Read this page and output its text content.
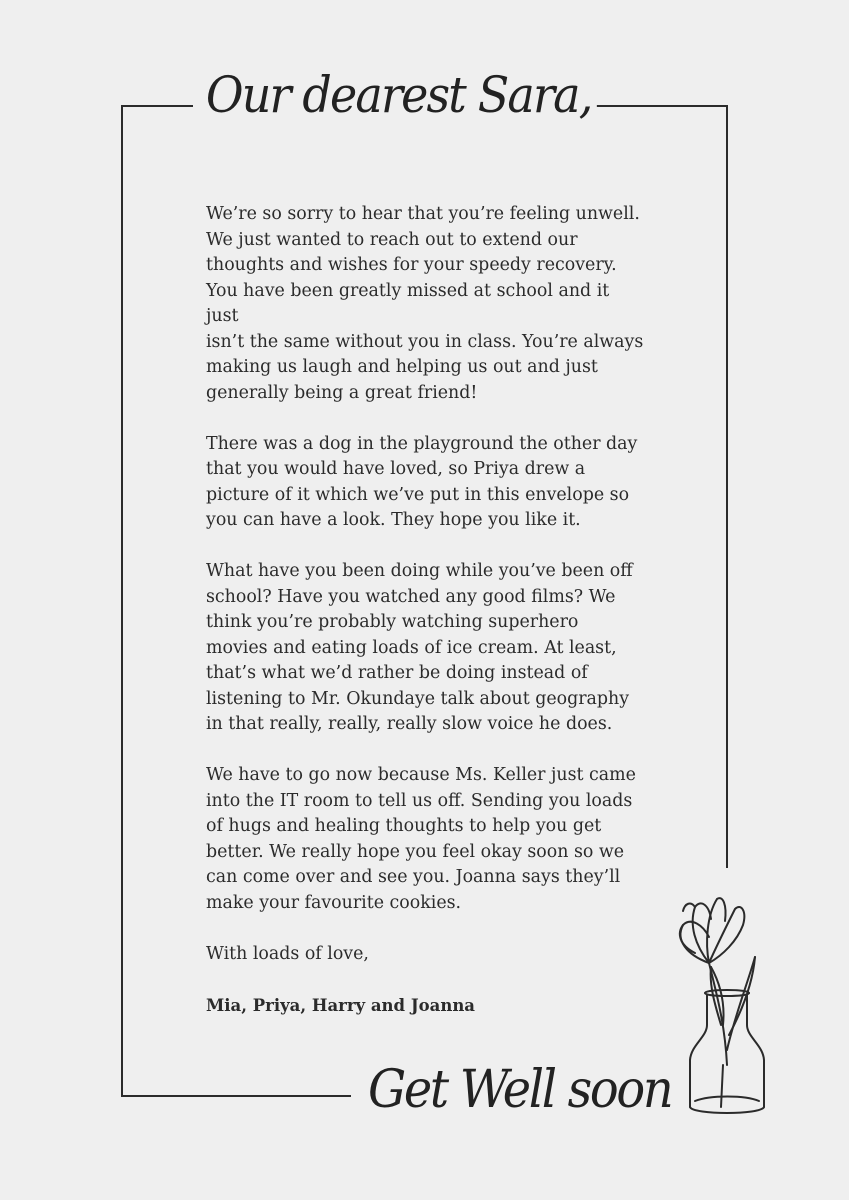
Our dearest Sara,

We’re so sorry to hear that you’re feeling unwell.
We just wanted to reach out to extend our
thoughts and wishes for your speedy recovery.
You have been greatly missed at school and it just
isn’t the same without you in class. You’re always
making us laugh and helping us out and just
generally being a great friend!

There was a dog in the playground the other day
that you would have loved, so Priya drew a
picture of it which we’ve put in this envelope so
you can have a look. They hope you like it.

What have you been doing while you’ve been off
school? Have you watched any good films? We
think you’re probably watching superhero
movies and eating loads of ice cream. At least,
that’s what we’d rather be doing instead of
listening to Mr. Okundaye talk about geography
in that really, really, really slow voice he does.

We have to go now because Ms. Keller just came
into the IT room to tell us off. Sending you loads
of hugs and healing thoughts to help you get
better. We really hope you feel okay soon so we
can come over and see you. Joanna says they’ll
make your favourite cookies.

With loads of love,

Mia, Priya, Harry and Joanna

Get Well soon
